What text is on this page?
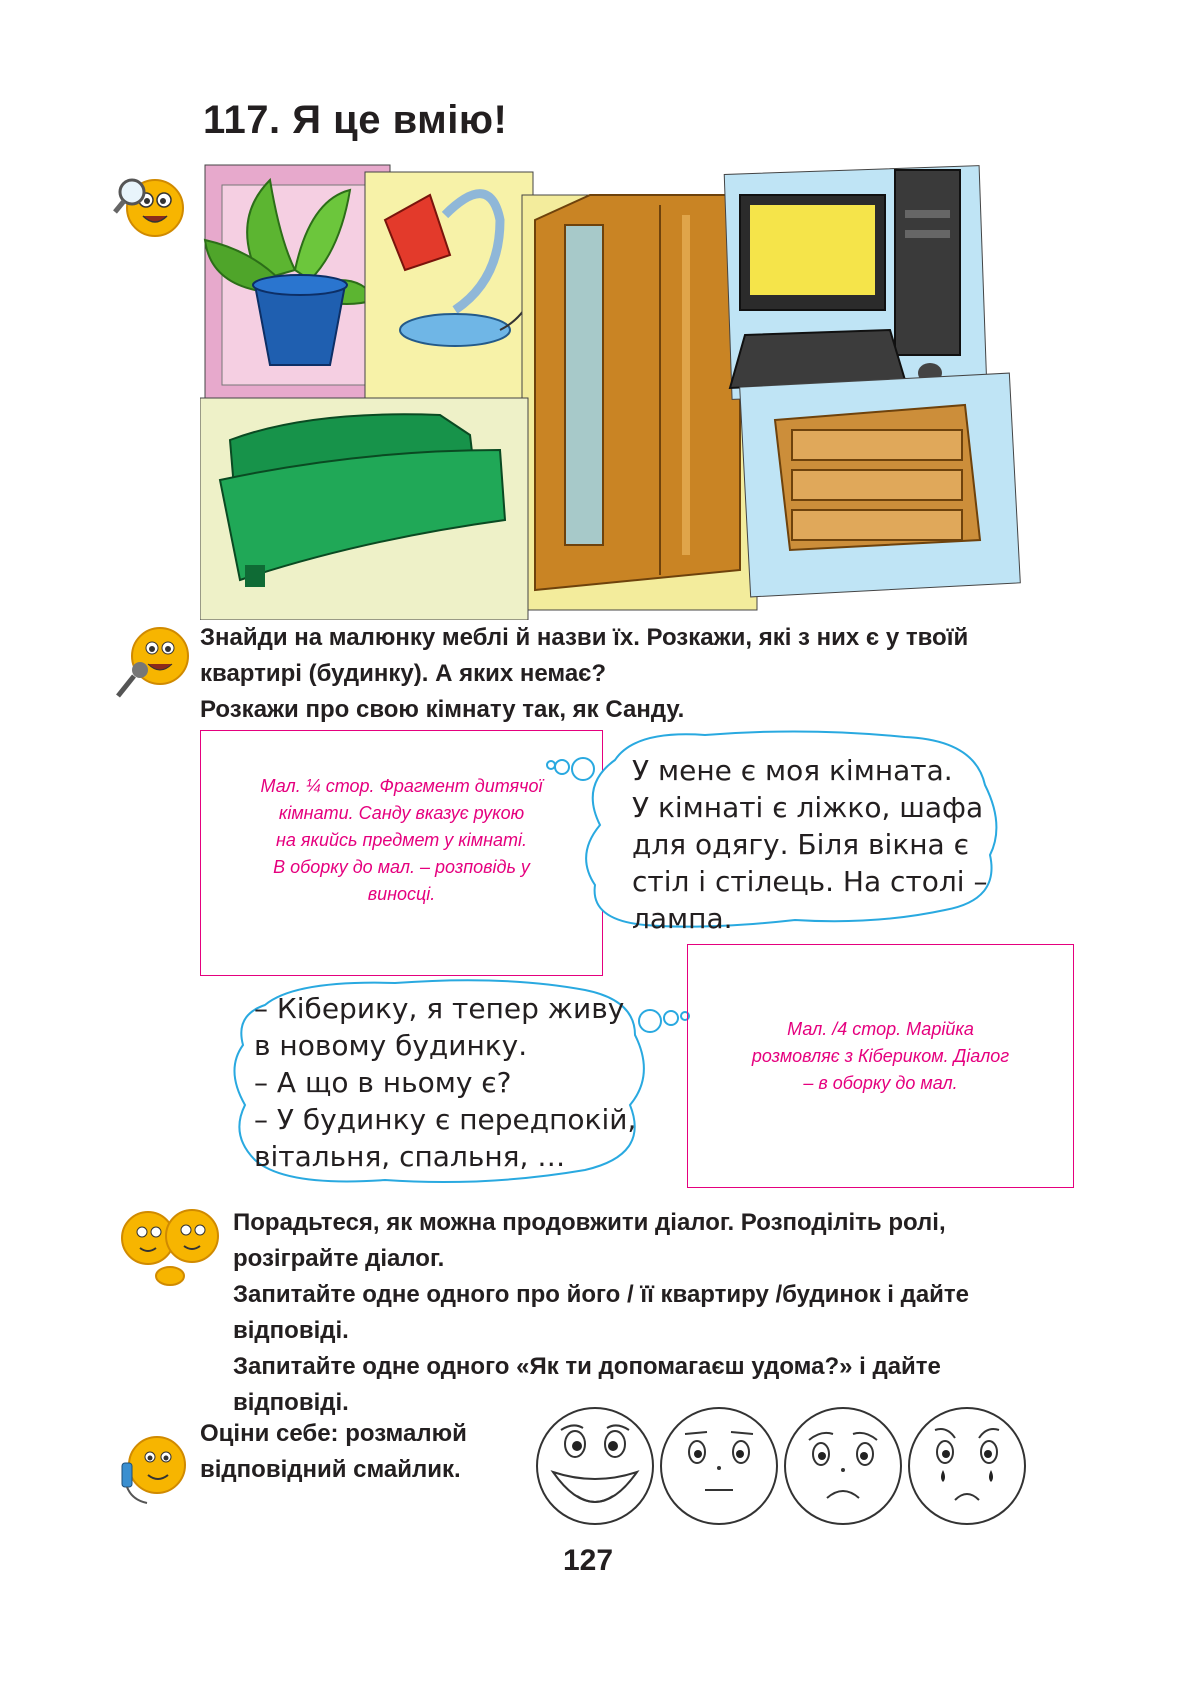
117. Я це вмію!
Знайди на малюнку меблі й назви їх. Розкажи, які з них є у твоїй
квартирі (будинку). А яких немає?
Розкажи про свою кімнату так, як Санду.
Мал. ¼ стор. Фрагмент дитячої
кімнати. Санду вказує рукою
на якийсь предмет у кімнаті.
В оборку до мал. – розповідь у
виносці.
У мене є моя кімната.
У кімнаті є ліжко, шафа
для одягу. Біля вікна є
стіл і стілець. На столі –
лампа.
– Кіберику, я тепер живу
в новому будинку.
– А що в ньому є?
– У будинку є передпокій,
вітальня, спальня, …
Мал. /4 стор. Марійка
розмовляє з Кібериком. Діалог
– в оборку до мал.
Порадьтеся, як можна продовжити діалог. Розподіліть ролі,
розіграйте діалог.
Запитайте одне одного про його / її квартиру /будинок і дайте
відповіді.
Запитайте одне одного «Як ти допомагаєш удома?» і дайте
відповіді.
Оціни себе: розмалюй
відповідний смайлик.
127
